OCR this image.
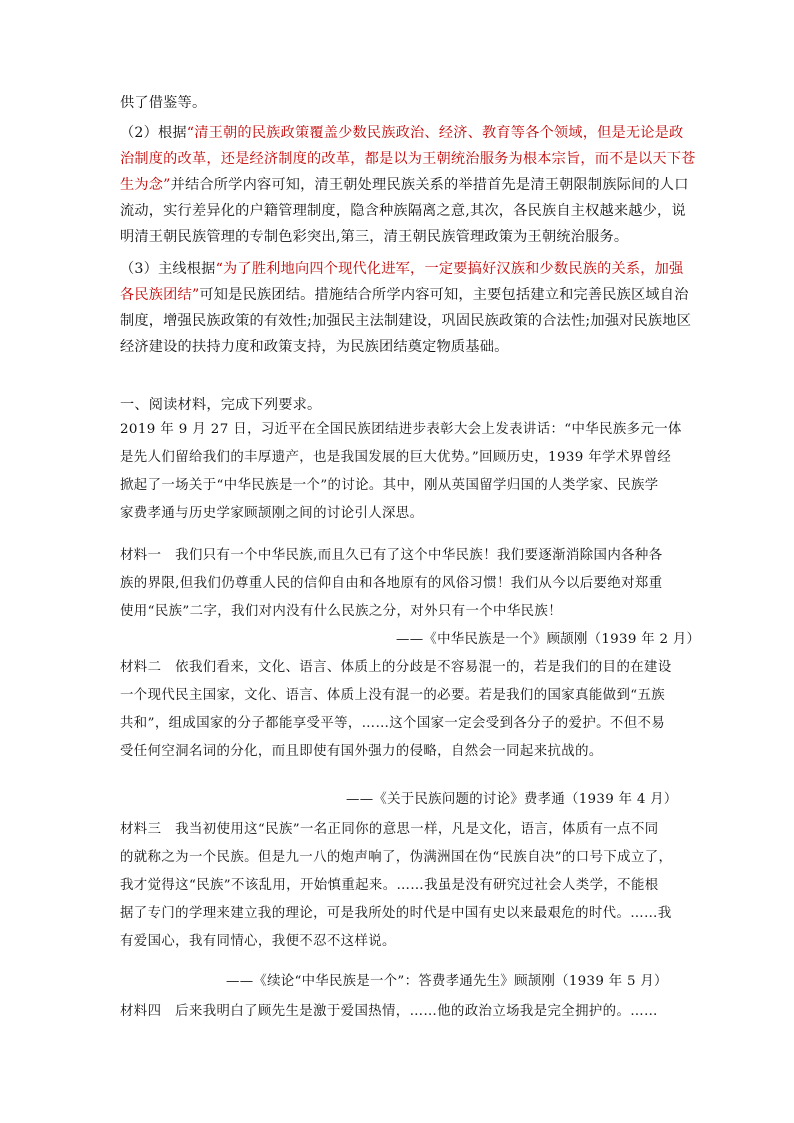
供了借鉴等。
（2）根据“清王朝的民族政策覆盖少数民族政治、经济、教育等各个领域，但是无论是政
治制度的改革，还是经济制度的改革，都是以为王朝统治服务为根本宗旨，而不是以天下苍
生为念”并结合所学内容可知，清王朝处理民族关系的举措首先是清王朝限制族际间的人口
流动，实行差异化的户籍管理制度，隐含种族隔离之意,其次，各民族自主权越来越少，说
明清王朝民族管理的专制色彩突出,第三，清王朝民族管理政策为王朝统治服务。
（3）主线根据“为了胜利地向四个现代化进军，一定要搞好汉族和少数民族的关系，加强
各民族团结”可知是民族团结。措施结合所学内容可知，主要包括建立和完善民族区域自治
制度，增强民族政策的有效性;加强民主法制建设，巩固民族政策的合法性;加强对民族地区
经济建设的扶持力度和政策支持，为民族团结奠定物质基础。
一、阅读材料，完成下列要求。
2019 年 9 月 27 日，习近平在全国民族团结进步表彰大会上发表讲话：“中华民族多元一体
是先人们留给我们的丰厚遗产，也是我国发展的巨大优势。”回顾历史，1939 年学术界曾经
掀起了一场关于“中华民族是一个”的讨论。其中，刚从英国留学归国的人类学家、民族学
家费孝通与历史学家顾颉刚之间的讨论引人深思。
材料一　我们只有一个中华民族,而且久已有了这个中华民族！我们要逐渐消除国内各种各
族的界限,但我们仍尊重人民的信仰自由和各地原有的风俗习惯！我们从今以后要绝对郑重
使用“民族”二字，我们对内没有什么民族之分，对外只有一个中华民族！
——《中华民族是一个》顾颉刚（1939 年 2 月）
材料二　依我们看来，文化、语言、体质上的分歧是不容易混一的，若是我们的目的在建设
一个现代民主国家，文化、语言、体质上没有混一的必要。若是我们的国家真能做到“五族
共和”，组成国家的分子都能享受平等，……这个国家一定会受到各分子的爱护。不但不易
受任何空洞名词的分化，而且即使有国外强力的侵略，自然会一同起来抗战的。
——《关于民族问题的讨论》费孝通（1939 年 4 月）
材料三　我当初使用这“民族”一名正同你的意思一样，凡是文化，语言，体质有一点不同
的就称之为一个民族。但是九一八的炮声响了，伪满洲国在伪“民族自决”的口号下成立了，
我才觉得这“民族”不该乱用，开始慎重起来。……我虽是没有研究过社会人类学，不能根
据了专门的学理来建立我的理论，可是我所处的时代是中国有史以来最艰危的时代。……我
有爱国心，我有同情心，我便不忍不这样说。
——《续论“中华民族是一个”：答费孝通先生》顾颉刚（1939 年 5 月）
材料四　后来我明白了顾先生是激于爱国热情，……他的政治立场我是完全拥护的。……
